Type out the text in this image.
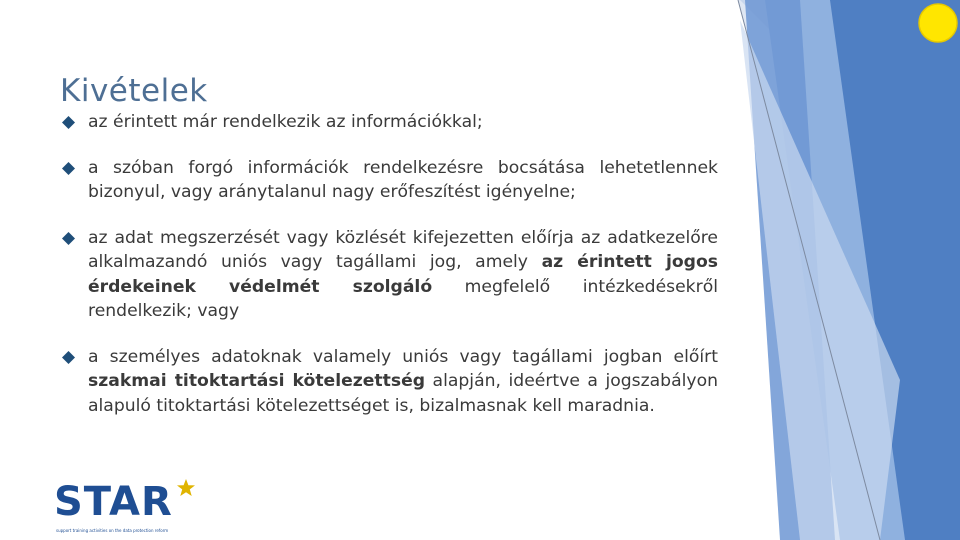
Kivételek
az érintett már rendelkezik az információkkal;
a szóban forgó információk rendelkezésre bocsátása lehetetlennek bizonyul, vagy aránytalanul nagy erőfeszítést igényelne;
az adat megszerzését vagy közlését kifejezetten előírja az adatkezelőre alkalmazandó uniós vagy tagállami jog, amely az érintett jogos érdekeinek védelmét szolgáló megfelelő intézkedésekről rendelkezik; vagy
a személyes adatoknak valamely uniós vagy tagállami jogban előírt szakmai titoktartási kötelezettség alapján, ideértve a jogszabályon alapuló titoktartási kötelezettséget is, bizalmasnak kell maradnia.
STAR
support training activities on the data protection reform
